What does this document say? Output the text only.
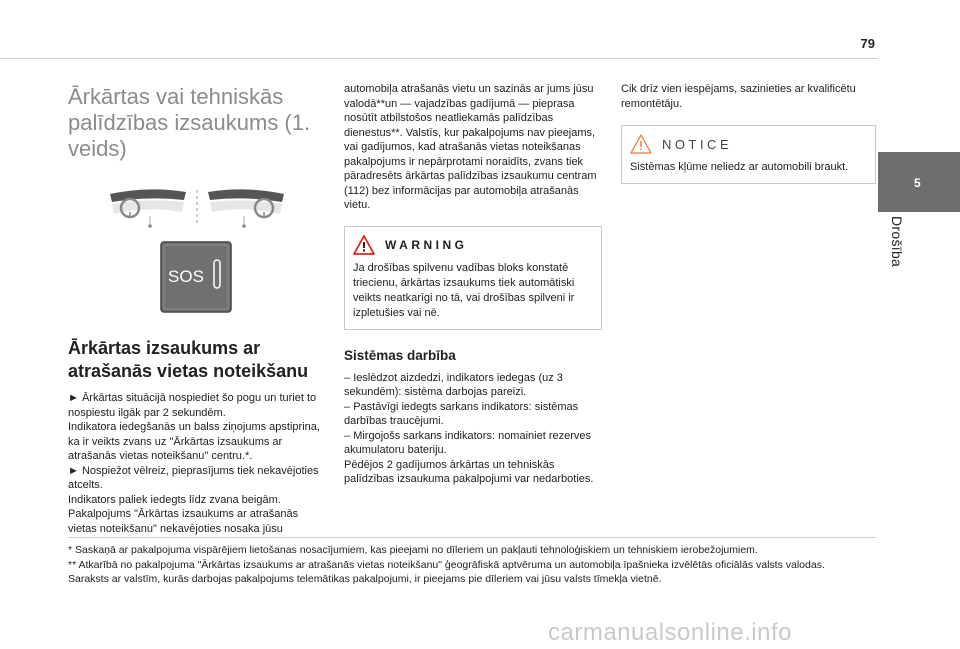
79
5
Drošība
Ārkārtas vai tehniskās palīdzības izsaukums (1. veids)
SOS
Ārkārtas izsaukums ar atrašanās vietas noteikšanu

► Ārkārtas situācijā nospiediet šo pogu un turiet to nospiestu ilgāk par 2 sekundēm.

Indikatora iedegšanās un balss ziņojums apstiprina, ka ir veikts zvans uz "Ārkārtas izsaukums ar atrašanās vietas noteikšanu" centru.*.

► Nospiežot vēlreiz, pieprasījums tiek nekavējoties atcelts.

Indikators paliek iedegts līdz zvana beigām.

Pakalpojums "Ārkārtas izsaukums ar atrašanās vietas noteikšanu" nekavējoties nosaka jūsu

automobiļa atrašanās vietu un sazinās ar jums jūsu valodā**un — vajadzības gadījumā — pieprasa nosūtīt atbilstošos neatliekamās palīdzības dienestus**. Valstīs, kur pakalpojums nav pieejams, vai gadījumos, kad atrašanās vietas noteikšanas pakalpojums ir nepārprotami noraidīts, zvans tiek pāradresēts ārkārtas palīdzības izsaukumu centram (112) bez informācijas par automobiļa atrašanās vietu.

WARNING
Ja drošības spilvenu vadības bloks konstatē triecienu, ārkārtas izsaukums tiek automātiski veikts neatkarīgi no tā, vai drošības spilveni ir izpletušies vai nē.
Sistēmas darbība

– Ieslēdzot aizdedzi, indikators iedegas (uz 3 sekundēm): sistēma darbojas pareizi.

– Pastāvīgi iedegts sarkans indikators: sistēmas darbības traucējumi.

– Mirgojošs sarkans indikators: nomainiet rezerves akumulatoru bateriju.

Pēdējos 2 gadījumos ārkārtas un tehniskās palīdzības izsaukuma pakalpojumi var nedarboties.

Cik drīz vien iespējams, sazinieties ar kvalificētu remontētāju.

NOTICE
Sistēmas kļūme neliedz ar automobili braukt.

* Saskaņā ar pakalpojuma vispārējiem lietošanas nosacījumiem, kas pieejami no dīleriem un pakļauti tehnoloģiskiem un tehniskiem ierobežojumiem.

** Atkarībā no pakalpojuma "Ārkārtas izsaukums ar atrašanās vietas noteikšanu" ģeogrāfiskā aptvēruma un automobiļa īpašnieka izvēlētās oficiālās valsts valodas.

Saraksts ar valstīm, kurās darbojas pakalpojums telemātikas pakalpojumi, ir pieejams pie dīleriem vai jūsu valsts tīmekļa vietnē.

carmanualsonline.info
